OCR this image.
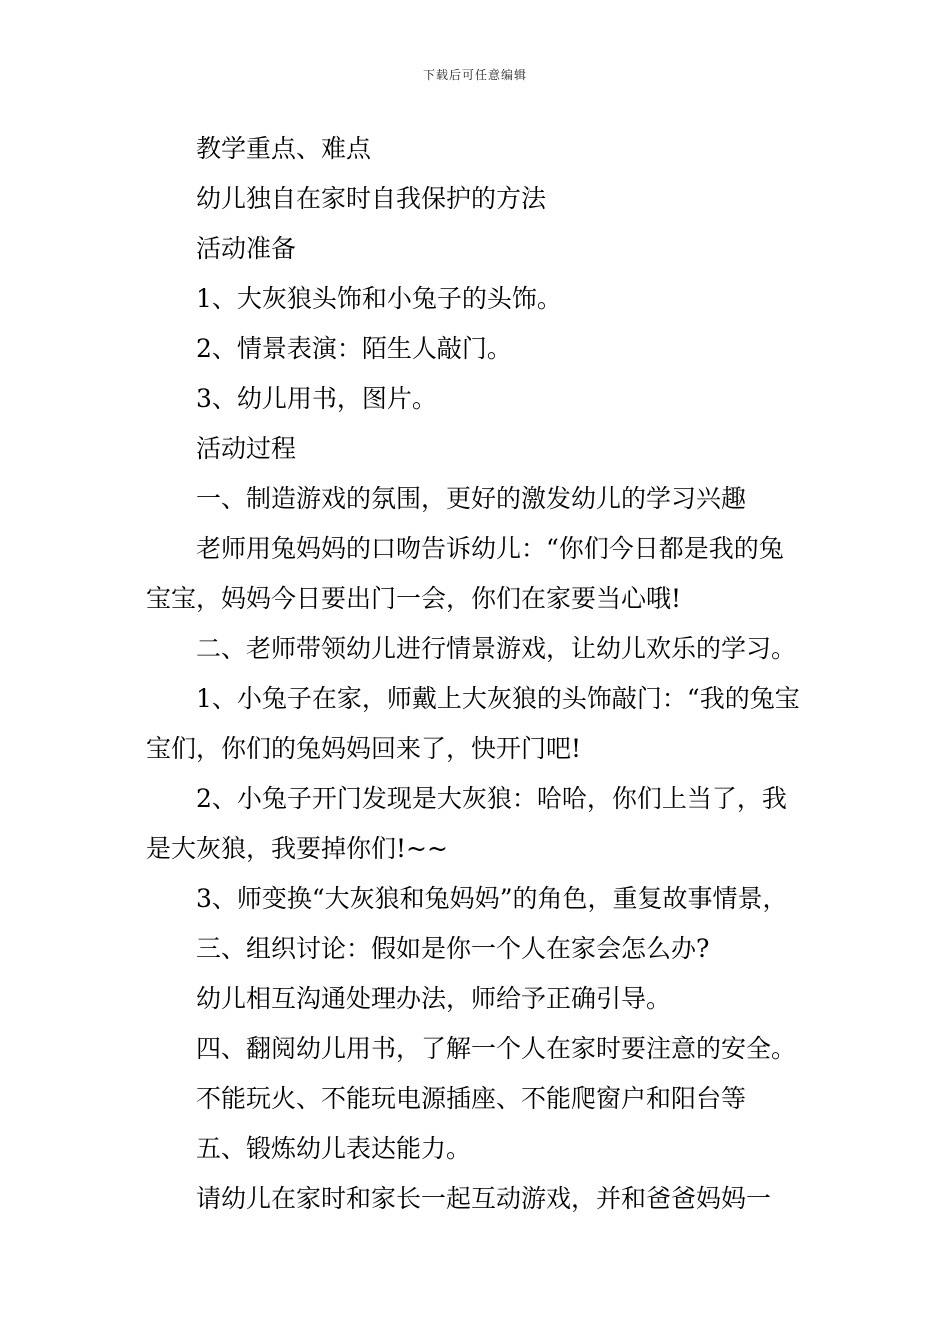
下载后可任意编辑

教学重点、难点

幼儿独自在家时自我保护的方法

活动准备

1、大灰狼头饰和小兔子的头饰。

2、情景表演：陌生人敲门。

3、幼儿用书，图片。

活动过程

一、制造游戏的氛围，更好的激发幼儿的学习兴趣

老师用兔妈妈的口吻告诉幼儿：“你们今日都是我的兔宝宝，妈妈今日要出门一会，你们在家要当心哦!

二、老师带领幼儿进行情景游戏，让幼儿欢乐的学习。

1、小兔子在家，师戴上大灰狼的头饰敲门：“我的兔宝宝们，你们的兔妈妈回来了，快开门吧!

2、小兔子开门发现是大灰狼：哈哈，你们上当了，我是大灰狼，我要掉你们!~~

3、师变换“大灰狼和兔妈妈”的角色，重复故事情景，

三、组织讨论：假如是你一个人在家会怎么办?

幼儿相互沟通处理办法，师给予正确引导。

四、翻阅幼儿用书，了解一个人在家时要注意的安全。

不能玩火、不能玩电源插座、不能爬窗户和阳台等

五、锻炼幼儿表达能力。

请幼儿在家时和家长一起互动游戏，并和爸爸妈妈一
